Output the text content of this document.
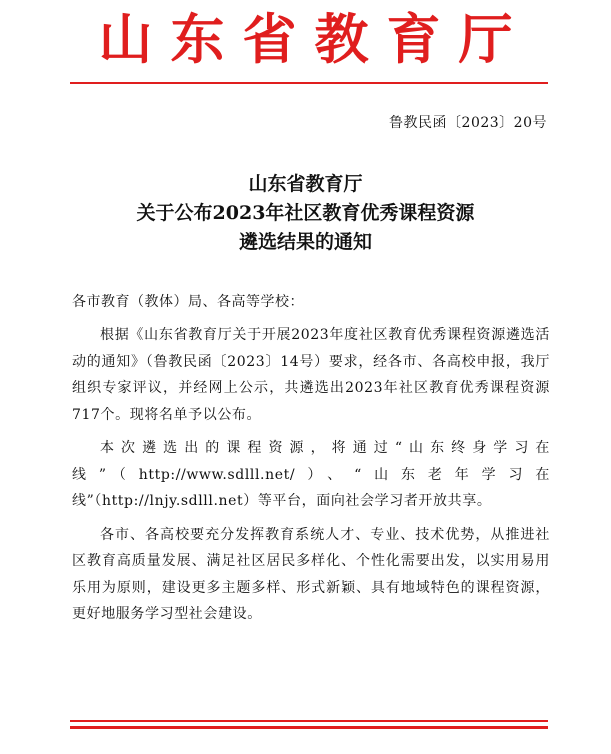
山东省教育厅
鲁教民函〔2023〕20号
山东省教育厅
关于公布2023年社区教育优秀课程资源
遴选结果的通知
各市教育（教体）局、各高等学校：

根据《山东省教育厅关于开展2023年度社区教育优秀课程资源遴选活动的通知》（鲁教民函〔2023〕14号）要求，经各市、各高校申报，我厅组织专家评议，并经网上公示，共遴选出2023年社区教育优秀课程资源717个。现将名单予以公布。

本次遴选出的课程资源，将通过“山东终身学习在线”（http://www.sdlll.net/）、“山东老年学习在线”（http://lnjy.sdlll.net）等平台，面向社会学习者开放共享。

各市、各高校要充分发挥教育系统人才、专业、技术优势，从推进社区教育高质量发展、满足社区居民多样化、个性化需要出发，以实用易用乐用为原则，建设更多主题多样、形式新颖、具有地域特色的课程资源，更好地服务学习型社会建设。
